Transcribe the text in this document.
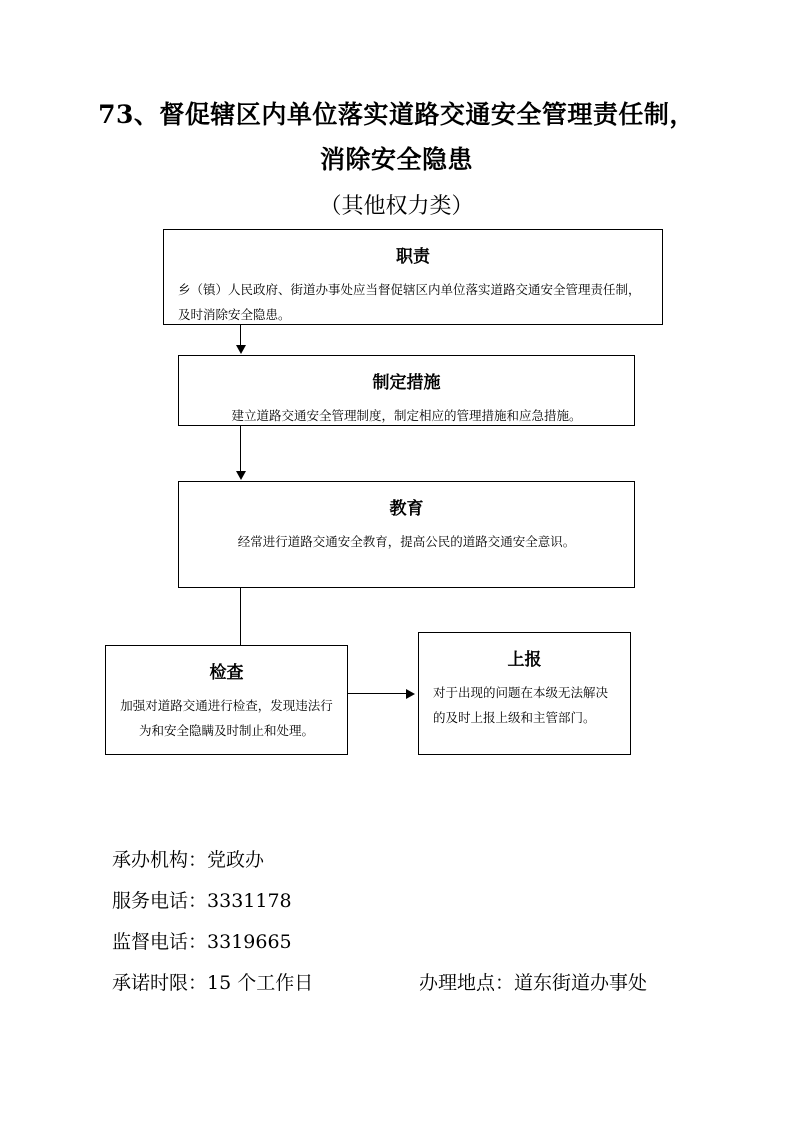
73、督促辖区内单位落实道路交通安全管理责任制，
消除安全隐患
（其他权力类）
职责
乡（镇）人民政府、街道办事处应当督促辖区内单位落实道路交通安全管理责任制，及时消除安全隐患。
制定措施
建立道路交通安全管理制度，制定相应的管理措施和应急措施。
教育
经常进行道路交通安全教育，提高公民的道路交通安全意识。
检查
加强对道路交通进行检查，发现违法行为和安全隐瞒及时制止和处理。
上报
对于出现的问题在本级无法解决的及时上报上级和主管部门。
承办机构：党政办
服务电话：3331178
监督电话：3319665
承诺时限：15 个工作日	办理地点：道东街道办事处
